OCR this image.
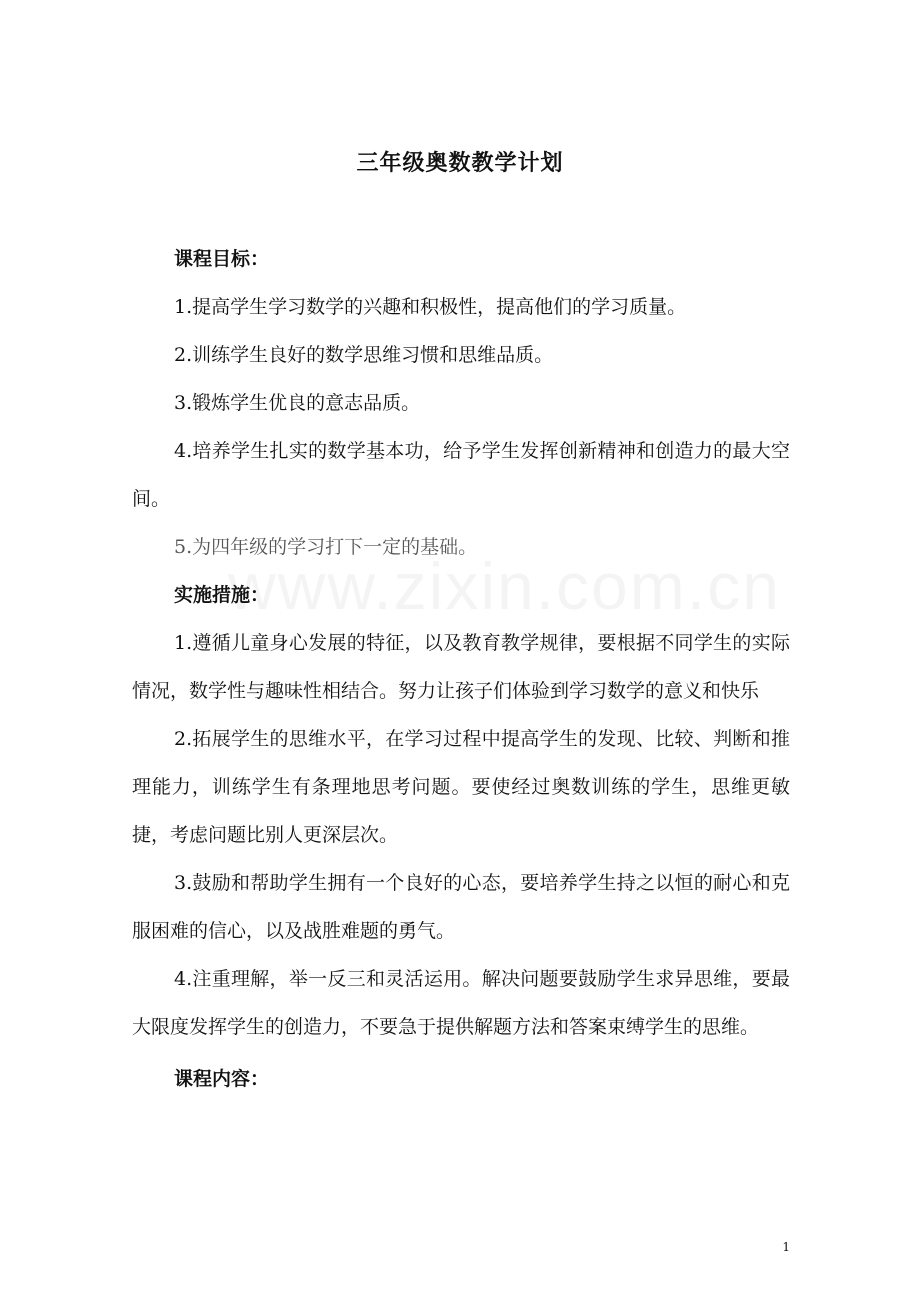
三年级奥数教学计划
课程目标：

1.提高学生学习数学的兴趣和积极性，提高他们的学习质量。

2.训练学生良好的数学思维习惯和思维品质。

3.锻炼学生优良的意志品质。

4.培养学生扎实的数学基本功，给予学生发挥创新精神和创造力的最大空间。

5.为四年级的学习打下一定的基础。

实施措施：

1.遵循儿童身心发展的特征，以及教育教学规律，要根据不同学生的实际情况，数学性与趣味性相结合。努力让孩子们体验到学习数学的意义和快乐

2.拓展学生的思维水平，在学习过程中提高学生的发现、比较、判断和推理能力，训练学生有条理地思考问题。要使经过奥数训练的学生，思维更敏捷，考虑问题比别人更深层次。

3.鼓励和帮助学生拥有一个良好的心态，要培养学生持之以恒的耐心和克服困难的信心，以及战胜难题的勇气。

4.注重理解，举一反三和灵活运用。解决问题要鼓励学生求异思维，要最大限度发挥学生的创造力，不要急于提供解题方法和答案束缚学生的思维。

课程内容：
1
